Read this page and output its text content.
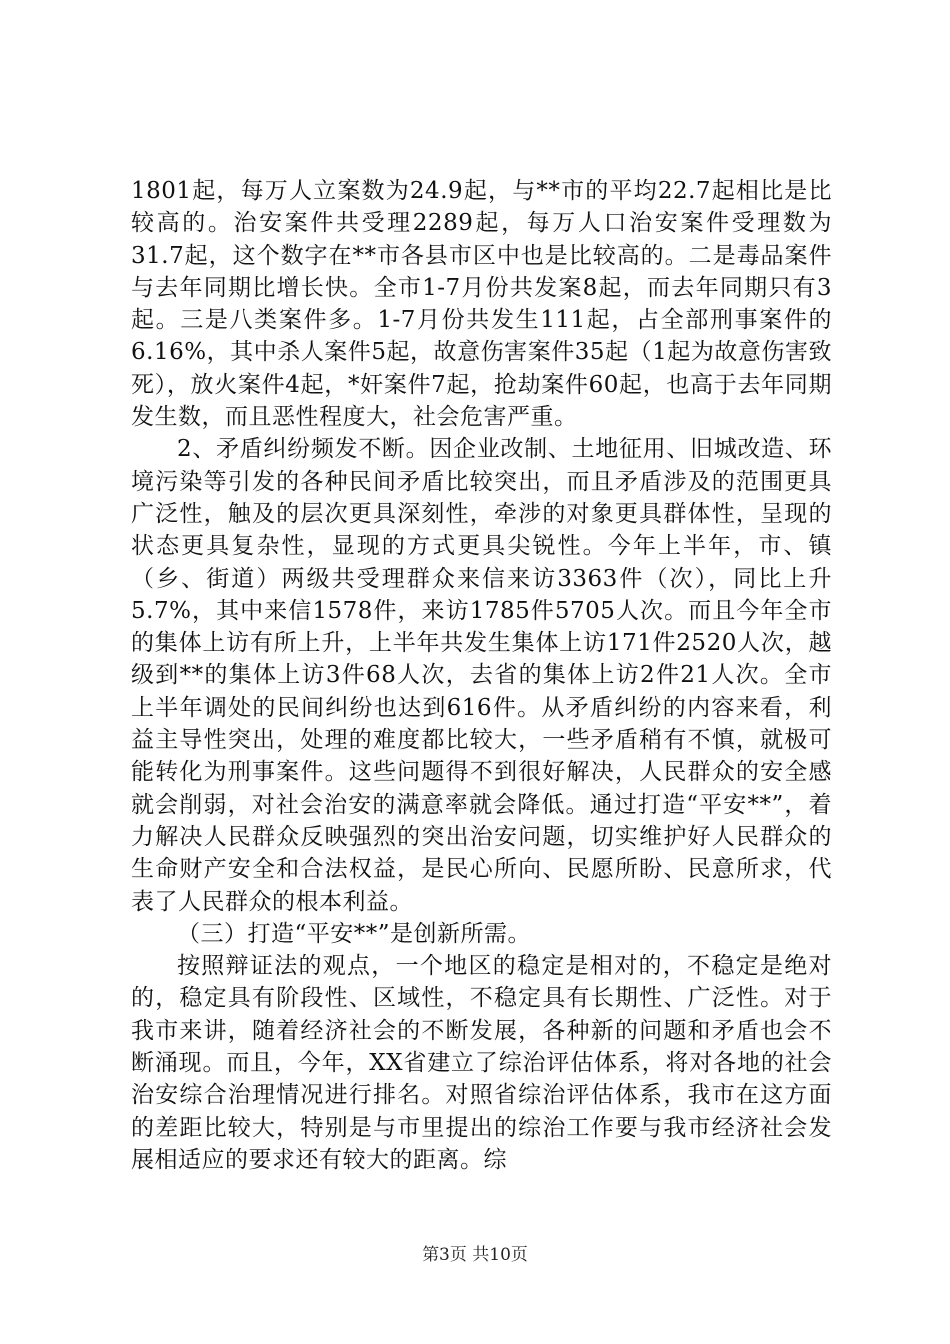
1801起，每万人立案数为24.9起，与**市的平均22.7起相比是比较高的。治安案件共受理2289起，每万人口治安案件受理数为31.7起，这个数字在**市各县市区中也是比较高的。二是毒品案件与去年同期比增长快。全市1-7月份共发案8起，而去年同期只有3起。三是八类案件多。1-7月份共发生111起，占全部刑事案件的6.16%，其中杀人案件5起，故意伤害案件35起（1起为故意伤害致死），放火案件4起，*奸案件7起，抢劫案件60起，也高于去年同期发生数，而且恶性程度大，社会危害严重。

2、矛盾纠纷频发不断。因企业改制、土地征用、旧城改造、环境污染等引发的各种民间矛盾比较突出，而且矛盾涉及的范围更具广泛性，触及的层次更具深刻性，牵涉的对象更具群体性，呈现的状态更具复杂性，显现的方式更具尖锐性。今年上半年，市、镇（乡、街道）两级共受理群众来信来访3363件（次），同比上升5.7%，其中来信1578件，来访1785件5705人次。而且今年全市的集体上访有所上升，上半年共发生集体上访171件2520人次，越级到**的集体上访3件68人次，去省的集体上访2件21人次。全市上半年调处的民间纠纷也达到616件。从矛盾纠纷的内容来看，利益主导性突出，处理的难度都比较大，一些矛盾稍有不慎，就极可能转化为刑事案件。这些问题得不到很好解决，人民群众的安全感就会削弱，对社会治安的满意率就会降低。通过打造“平安**”，着力解决人民群众反映强烈的突出治安问题，切实维护好人民群众的生命财产安全和合法权益，是民心所向、民愿所盼、民意所求，代表了人民群众的根本利益。

（三）打造“平安**”是创新所需。

按照辩证法的观点，一个地区的稳定是相对的，不稳定是绝对的，稳定具有阶段性、区域性，不稳定具有长期性、广泛性。对于我市来讲，随着经济社会的不断发展，各种新的问题和矛盾也会不断涌现。而且，今年，XX省建立了综治评估体系，将对各地的社会治安综合治理情况进行排名。对照省综治评估体系，我市在这方面的差距比较大，特别是与市里提出的综治工作要与我市经济社会发展相适应的要求还有较大的距离。综

第3页 共10页
